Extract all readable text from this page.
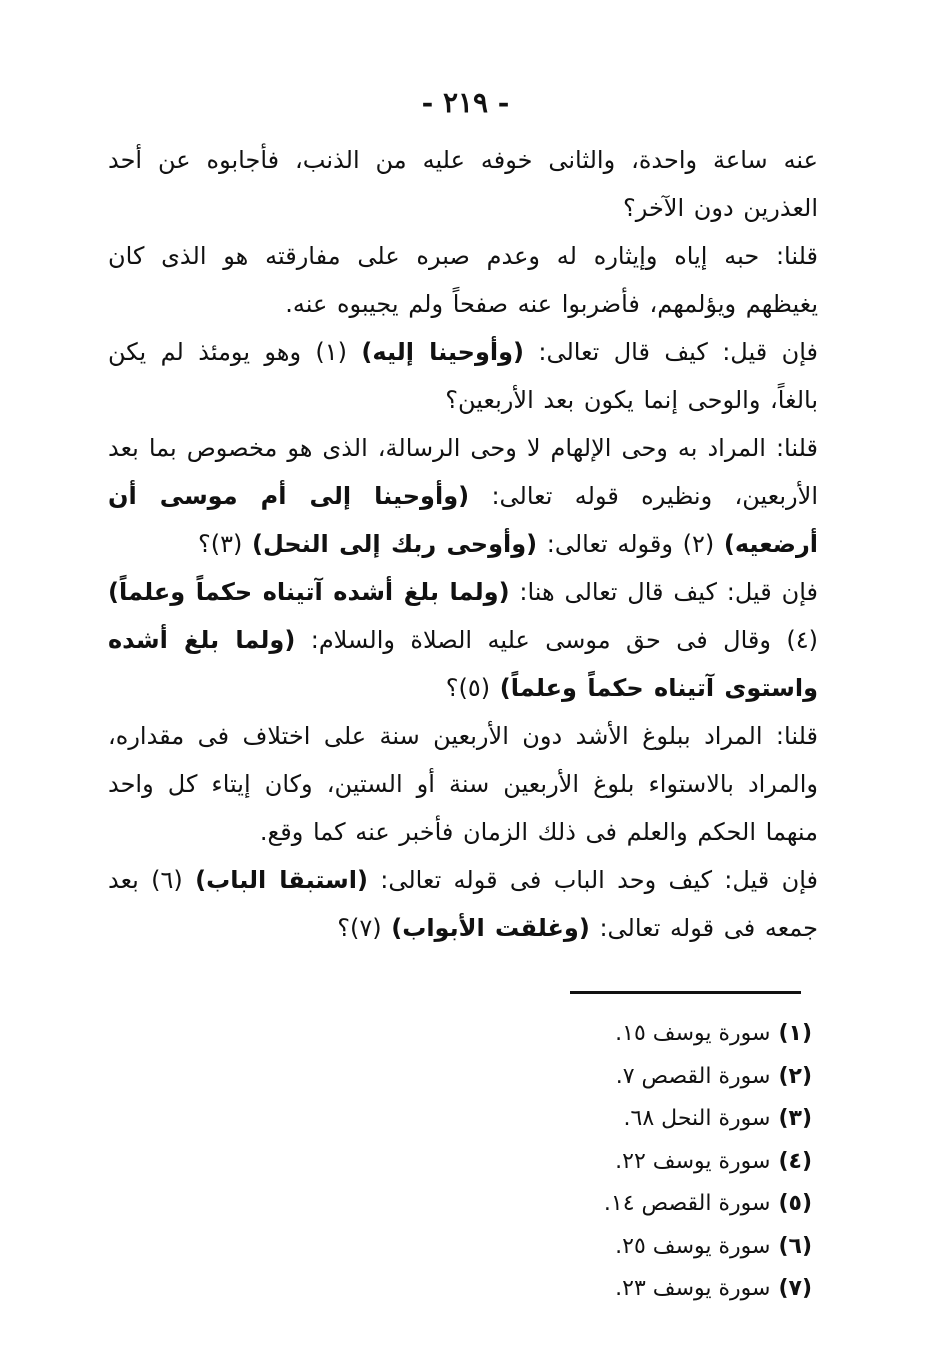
- ٢١٩ -

عنه ساعة واحدة، والثانى خوفه عليه من الذنب، فأجابوه عن أحد العذرين دون الآخر؟

قلنا: حبه إياه وإيثاره له وعدم صبره على مفارقته هو الذى كان يغيظهم ويؤلمهم، فأضربوا عنه صفحاً ولم يجيبوه عنه.

فإن قيل: كيف قال تعالى: (وأوحينا إليه) (١) وهو يومئذ لم يكن بالغاً، والوحى إنما يكون بعد الأربعين؟

قلنا: المراد به وحى الإلهام لا وحى الرسالة، الذى هو مخصوص بما بعد الأربعين، ونظيره قوله تعالى: (وأوحينا إلى أم موسى أن أرضعيه) (٢) وقوله تعالى: (وأوحى ربك إلى النحل) (٣)؟

فإن قيل: كيف قال تعالى هنا: (ولما بلغ أشده آتيناه حكماً وعلماً) (٤) وقال فى حق موسى عليه الصلاة والسلام: (ولما بلغ أشده واستوى آتيناه حكماً وعلماً) (٥)؟

قلنا: المراد ببلوغ الأشد دون الأربعين سنة على اختلاف فى مقداره، والمراد بالاستواء بلوغ الأربعين سنة أو الستين، وكان إيتاء كل واحد منهما الحكم والعلم فى ذلك الزمان فأخبر عنه كما وقع.

فإن قيل: كيف وحد الباب فى قوله تعالى: (استبقا الباب) (٦) بعد جمعه فى قوله تعالى: (وغلقت الأبواب) (٧)؟

(١)سورة يوسف ١٥.

(٢)سورة القصص ٧.

(٣)سورة النحل ٦٨.

(٤)سورة يوسف ٢٢.

(٥)سورة القصص ١٤.

(٦)سورة يوسف ٢٥.

(٧)سورة يوسف ٢٣.
